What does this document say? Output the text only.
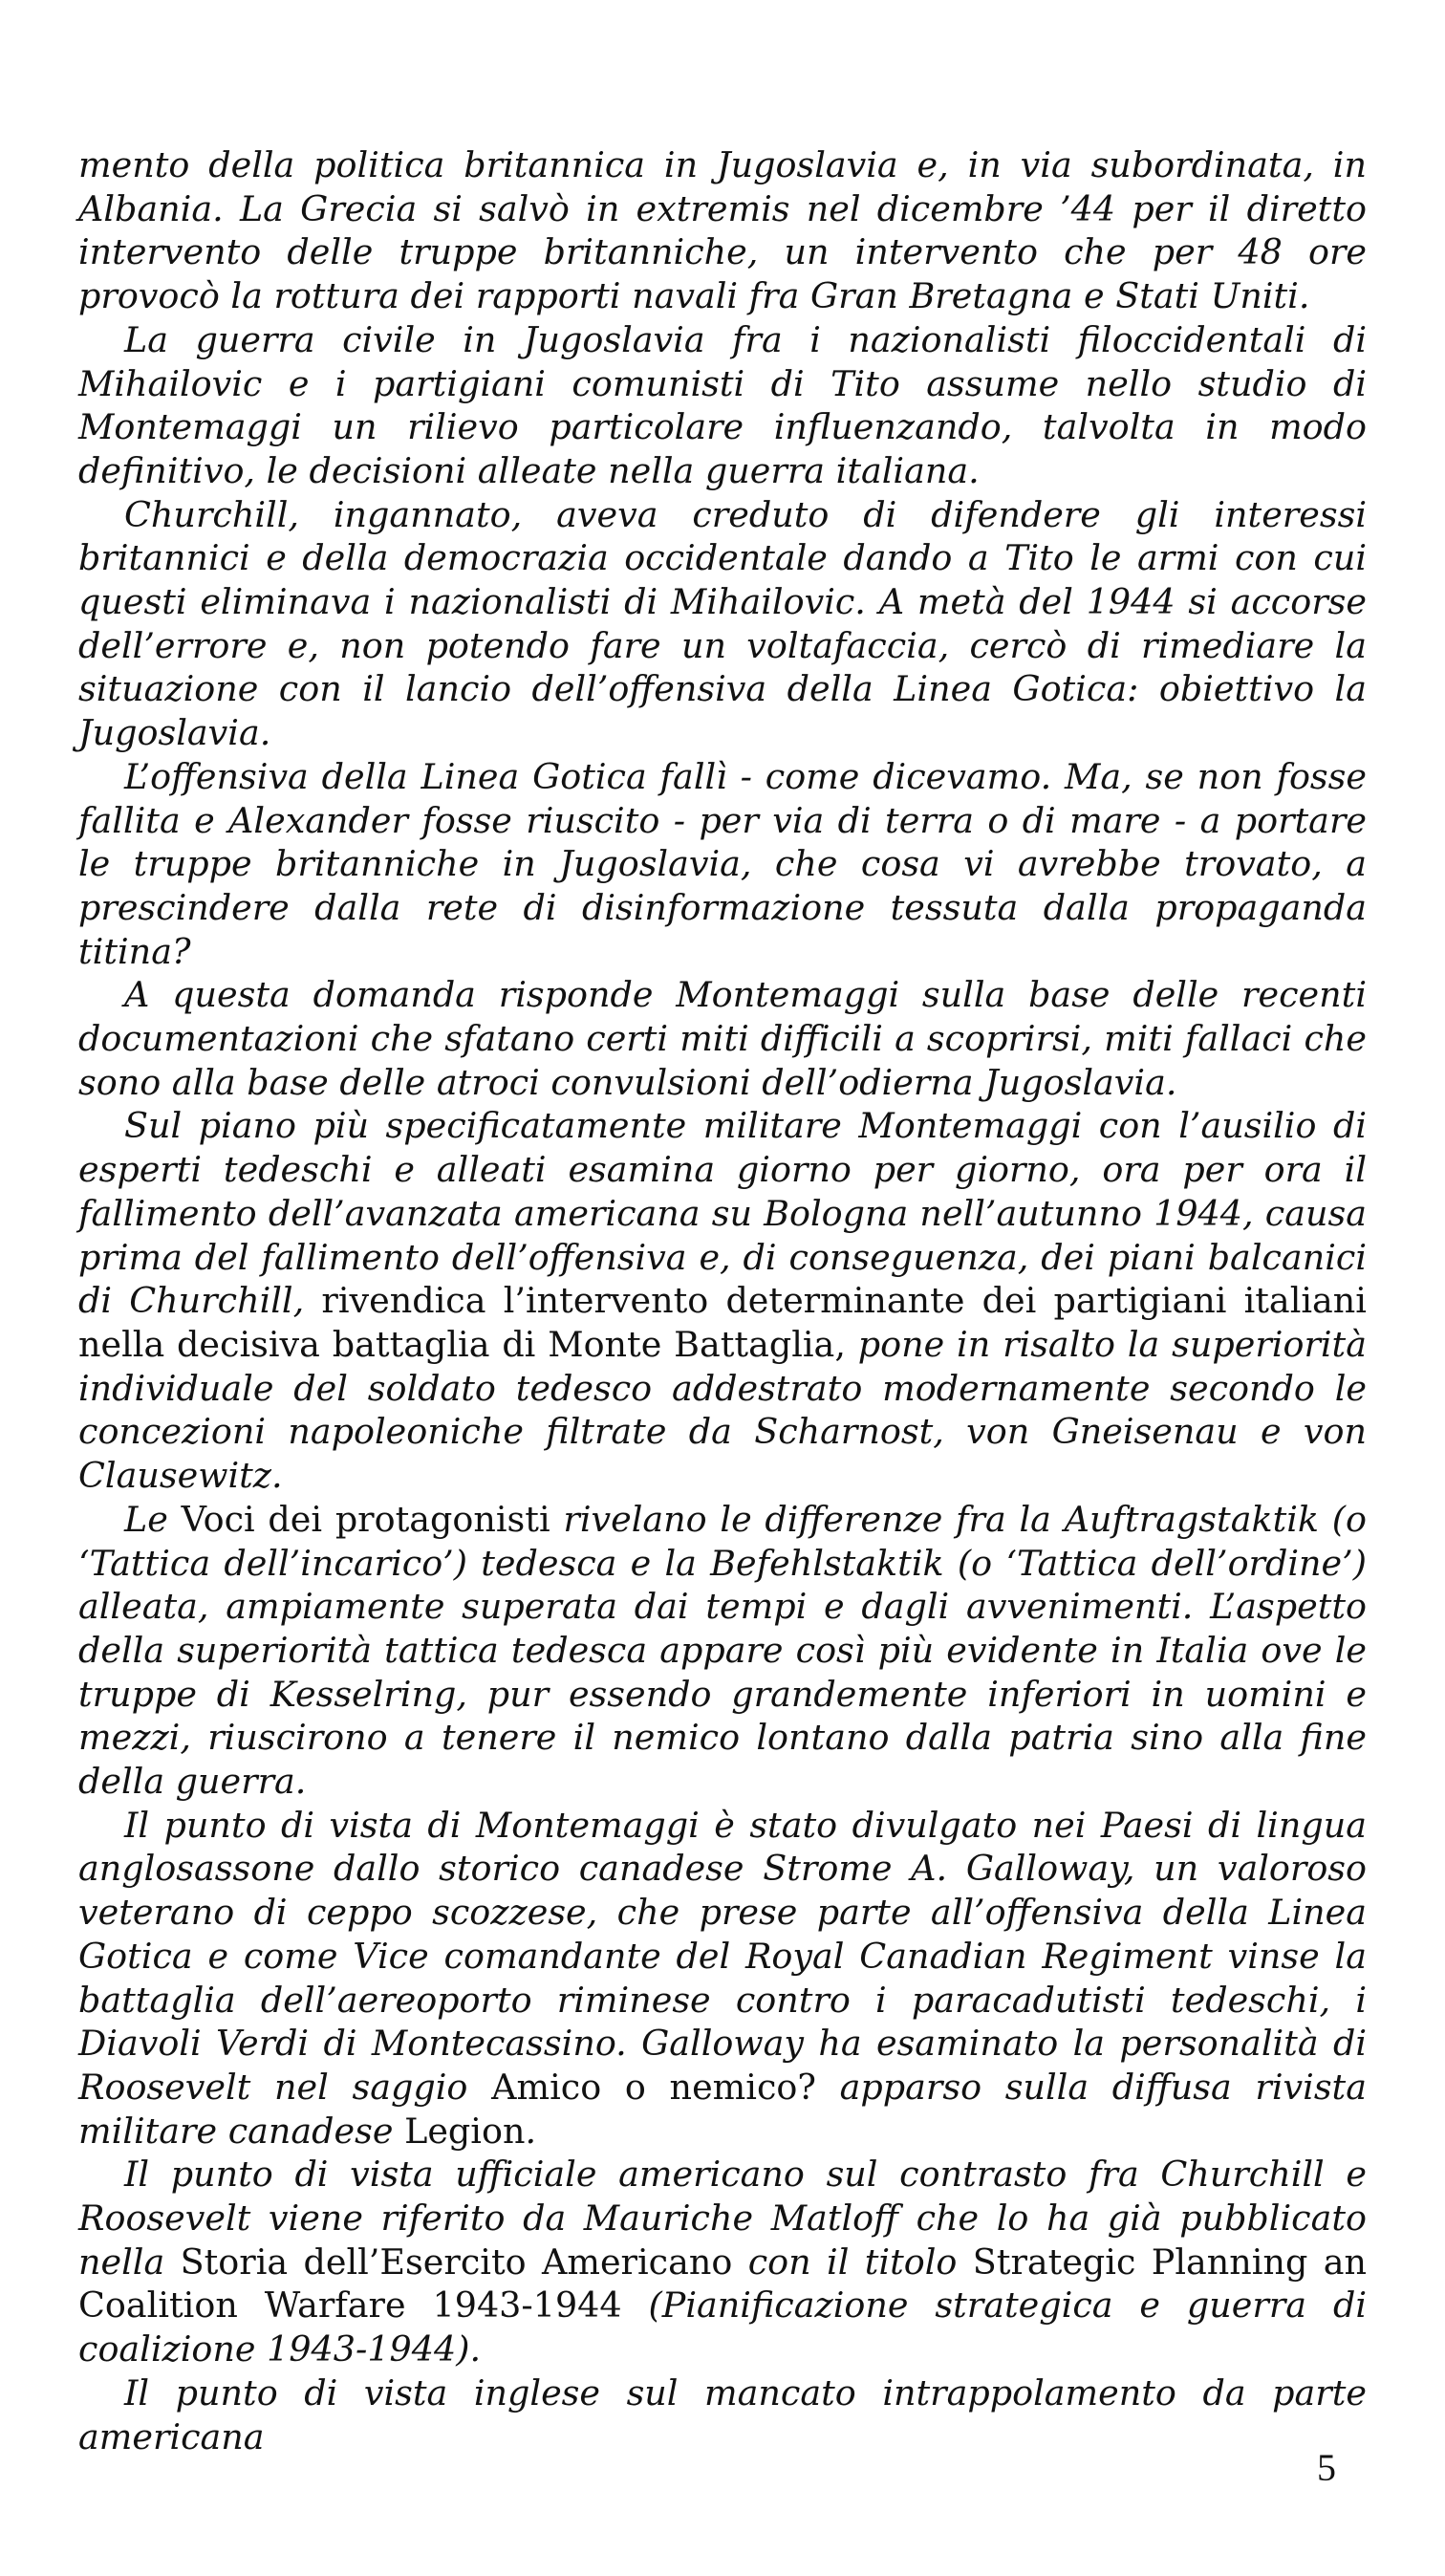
mento della politica britannica in Jugoslavia e, in via subordinata, in Albania. La Grecia si salvò in extremis nel dicembre ’44 per il diretto intervento delle truppe britanniche, un intervento che per 48 ore provocò la rottura dei rapporti navali fra Gran Bretagna e Stati Uniti.

La guerra civile in Jugoslavia fra i nazionalisti filoccidentali di Mihailovic e i partigiani comunisti di Tito assume nello studio di Montemaggi un rilievo particolare influenzando, talvolta in modo definitivo, le decisioni alleate nella guerra italiana.

Churchill, ingannato, aveva creduto di difendere gli interessi britannici e della democrazia occidentale dando a Tito le armi con cui questi eliminava i nazionalisti di Mihailovic. A metà del 1944 si accorse dell’errore e, non potendo fare un voltafaccia, cercò di rimediare la situazione con il lancio dell’offensiva della Linea Gotica: obiettivo la Jugoslavia.

L’offensiva della Linea Gotica fallì - come dicevamo. Ma, se non fosse fallita e Alexander fosse riuscito - per via di terra o di mare - a portare le truppe britanniche in Jugoslavia, che cosa vi avrebbe trovato, a prescindere dalla rete di disinformazione tessuta dalla propaganda titina?

A questa domanda risponde Montemaggi sulla base delle recenti documentazioni che sfatano certi miti difficili a scoprirsi, miti fallaci che sono alla base delle atroci convulsioni dell’odierna Jugoslavia.

Sul piano più specificatamente militare Montemaggi con l’ausilio di esperti tedeschi e alleati esamina giorno per giorno, ora per ora il fallimento dell’avanzata americana su Bologna nell’autunno 1944, causa prima del fallimento dell’offensiva e, di conseguenza, dei piani balcanici di Churchill, rivendica l’intervento determinante dei partigiani italiani nella decisiva battaglia di Monte Battaglia, pone in risalto la superiorità individuale del soldato tedesco addestrato modernamente secondo le concezioni napoleoniche filtrate da Scharnost, von Gneisenau e von Clausewitz.

Le Voci dei protagonisti rivelano le differenze fra la Auftragstaktik (o ‘Tattica dell’incarico’) tedesca e la Befehlstaktik (o ‘Tattica dell’ordine’) alleata, ampiamente superata dai tempi e dagli avvenimenti. L’aspetto della superiorità tattica tedesca appare così più evidente in Italia ove le truppe di Kesselring, pur essendo grandemente inferiori in uomini e mezzi, riuscirono a tenere il nemico lontano dalla patria sino alla fine della guerra.

Il punto di vista di Montemaggi è stato divulgato nei Paesi di lingua anglosassone dallo storico canadese Strome A. Galloway, un valoroso veterano di ceppo scozzese, che prese parte all’offensiva della Linea Gotica e come Vice comandante del Royal Canadian Regiment vinse la battaglia dell’aereoporto riminese contro i paracadutisti tedeschi, i Diavoli Verdi di Montecassino. Galloway ha esaminato la personalità di Roosevelt nel saggio Amico o nemico? apparso sulla diffusa rivista militare canadese Legion.

Il punto di vista ufficiale americano sul contrasto fra Churchill e Roosevelt viene riferito da Mauriche Matloff che lo ha già pubblicato nella Storia dell’Esercito Americano con il titolo Strategic Planning an Coalition Warfare 1943-1944 (Pianificazione strategica e guerra di coalizione 1943-1944).

Il punto di vista inglese sul mancato intrappolamento da parte americana

5
